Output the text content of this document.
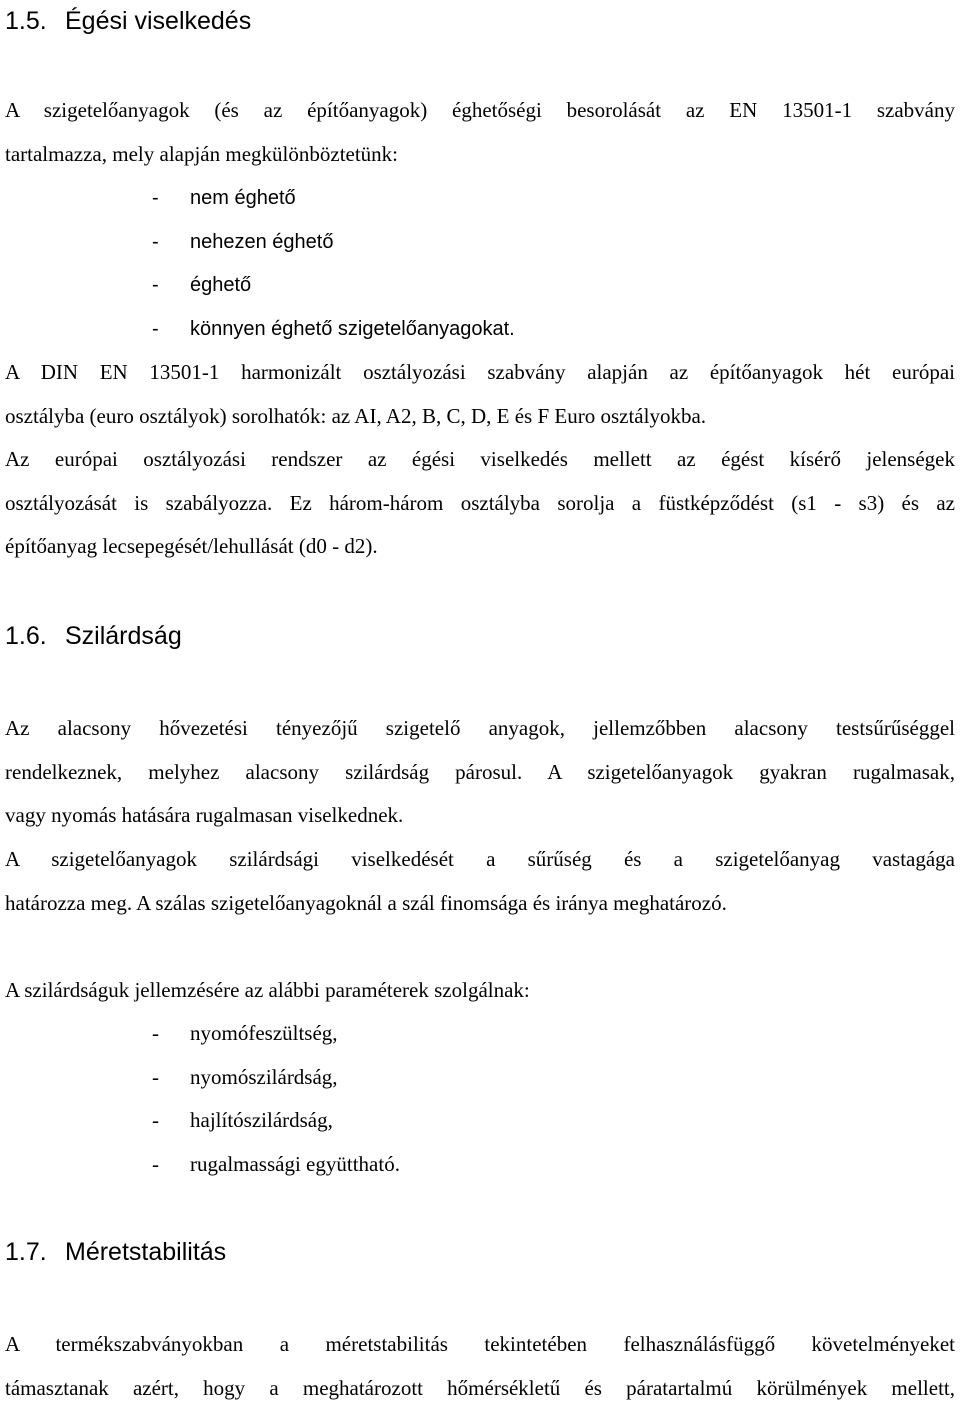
1.5. Égési viselkedés
A szigetelőanyagok (és az építőanyagok) éghetőségi besorolását az EN 13501-1 szabvány
tartalmazza, mely alapján megkülönböztetünk:
- nem éghető
- nehezen éghető
- éghető
- könnyen éghető szigetelőanyagokat.
A DIN EN 13501-1 harmonizált osztályozási szabvány alapján az építőanyagok hét európai
osztályba (euro osztályok) sorolhatók: az AI, A2, B, C, D, E és F Euro osztályokba.
Az európai osztályozási rendszer az égési viselkedés mellett az égést kísérő jelenségek
osztályozását is szabályozza. Ez három-három osztályba sorolja a füstképződést (s1 - s3) és az
építőanyag lecsepegését/lehullását (d0 - d2).
1.6. Szilárdság
Az alacsony hővezetési tényezőjű szigetelő anyagok, jellemzőbben alacsony testsűrűséggel
rendelkeznek, melyhez alacsony szilárdság párosul. A szigetelőanyagok gyakran rugalmasak,
vagy nyomás hatására rugalmasan viselkednek.
A szigetelőanyagok szilárdsági viselkedését a sűrűség és a szigetelőanyag vastagága
határozza meg. A szálas szigetelőanyagoknál a szál finomsága és iránya meghatározó.
A szilárdságuk jellemzésére az alábbi paraméterek szolgálnak:
- nyomófeszültség,
- nyomószilárdság,
- hajlítószilárdság,
- rugalmassági együttható.
1.7. Méretstabilitás
A termékszabványokban a méretstabilitás tekintetében felhasználásfüggő követelményeket
támasztanak azért, hogy a meghatározott hőmérsékletű és páratartalmú körülmények mellett,
